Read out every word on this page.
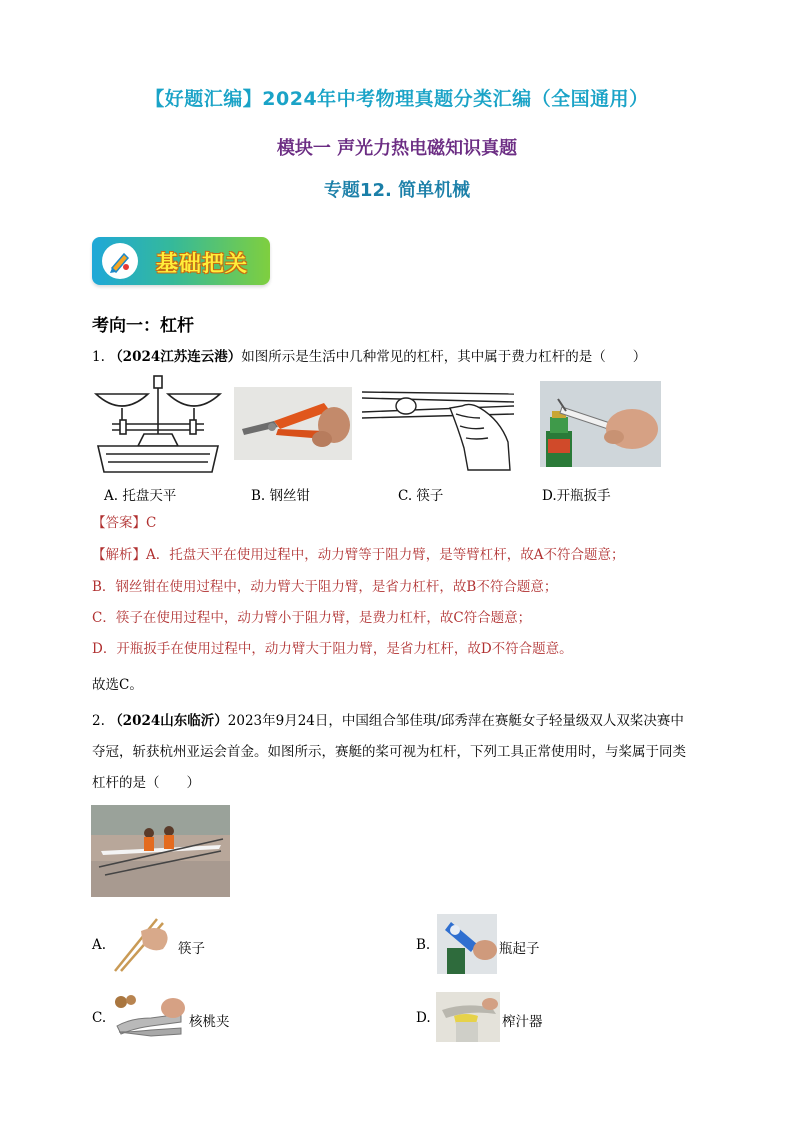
【好题汇编】2024年中考物理真题分类汇编（全国通用）
模块一 声光力热电磁知识真题
专题12. 简单机械
基础把关
考向一：杠杆
1. （2024江苏连云港）如图所示是生活中几种常见的杠杆，其中属于费力杠杆的是（　　）
A. 托盘天平	B. 钢丝钳	C. 筷子	D.开瓶扳手
【答案】C
【解析】A．托盘天平在使用过程中，动力臂等于阻力臂，是等臂杠杆，故A不符合题意；
B．钢丝钳在使用过程中，动力臂大于阻力臂，是省力杠杆，故B不符合题意；
C．筷子在使用过程中，动力臂小于阻力臂，是费力杠杆，故C符合题意；
D．开瓶扳手在使用过程中，动力臂大于阻力臂，是省力杠杆，故D不符合题意。
故选C。
2. （2024山东临沂）2023年9月24日，中国组合邹佳琪/邱秀萍在赛艇女子轻量级双人双桨决赛中
夺冠，斩获杭州亚运会首金。如图所示，赛艇的桨可视为杠杆，下列工具正常使用时，与桨属于同类
杠杆的是（　　）
A.	筷子	B.	瓶起子
C.	核桃夹	D.	榨汁器
